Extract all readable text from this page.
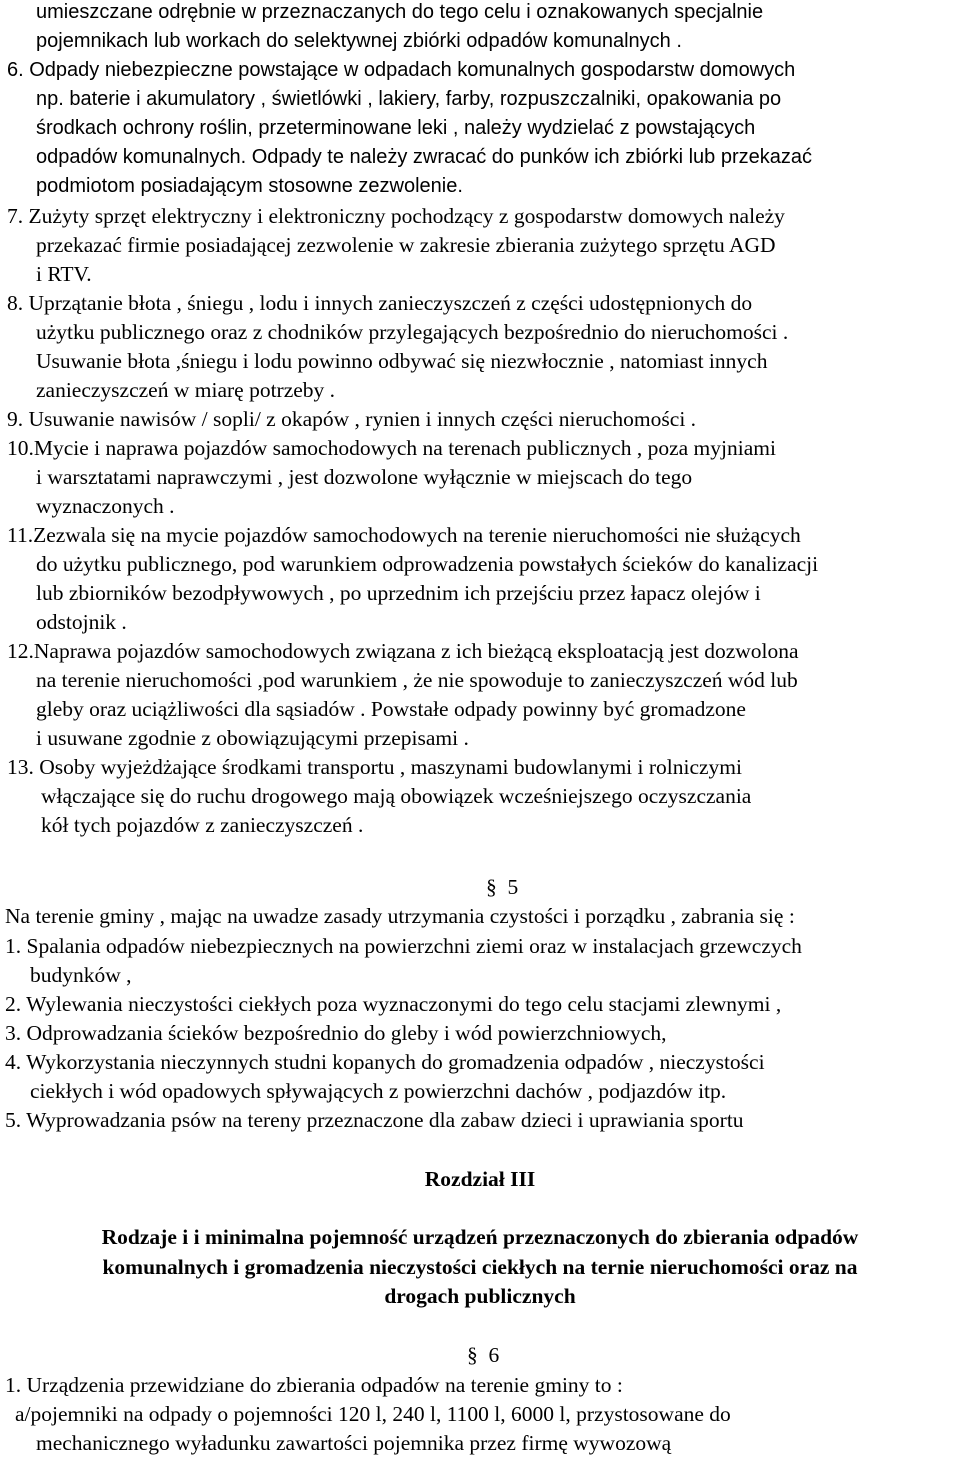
umieszczane odrębnie w przeznaczanych do tego celu i oznakowanych specjalnie

pojemnikach lub workach do selektywnej zbiórki odpadów komunalnych .

6. Odpady niebezpieczne powstające w odpadach komunalnych gospodarstw domowych

np. baterie i akumulatory , świetlówki , lakiery, farby, rozpuszczalniki, opakowania po

środkach ochrony roślin, przeterminowane leki , należy wydzielać z powstających

odpadów komunalnych. Odpady te należy zwracać do punków ich zbiórki lub przekazać

podmiotom posiadającym stosowne zezwolenie.

7. Zużyty sprzęt elektryczny i elektroniczny pochodzący z gospodarstw domowych należy

przekazać firmie posiadającej zezwolenie w zakresie zbierania zużytego sprzętu AGD

i RTV.

8. Uprzątanie błota , śniegu , lodu i innych zanieczyszczeń z części udostępnionych do

użytku publicznego oraz z chodników przylegających bezpośrednio do nieruchomości .

Usuwanie błota ,śniegu i lodu powinno odbywać się niezwłocznie , natomiast innych

zanieczyszczeń w miarę potrzeby .

9. Usuwanie nawisów / sopli/ z okapów , rynien i innych części nieruchomości .

10.Mycie i naprawa pojazdów samochodowych na terenach publicznych , poza myjniami

i warsztatami naprawczymi , jest dozwolone wyłącznie w miejscach do tego

wyznaczonych .

11.Zezwala się na mycie pojazdów samochodowych na terenie nieruchomości nie służących

do użytku publicznego, pod warunkiem odprowadzenia powstałych ścieków do kanalizacji

lub zbiorników bezodpływowych , po uprzednim ich przejściu przez łapacz olejów i

odstojnik .

12.Naprawa pojazdów samochodowych związana z ich bieżącą eksploatacją jest dozwolona

na terenie nieruchomości ,pod warunkiem , że nie spowoduje to zanieczyszczeń wód lub

gleby oraz uciążliwości dla sąsiadów . Powstałe odpady powinny być gromadzone

i usuwane zgodnie z obowiązującymi przepisami .

13. Osoby wyjeżdżające środkami transportu , maszynami budowlanymi i rolniczymi

włączające się do ruchu drogowego mają obowiązek wcześniejszego oczyszczania

kół tych pojazdów z zanieczyszczeń .

§ 5

Na terenie gminy , mając na uwadze zasady utrzymania czystości i porządku , zabrania się :

1. Spalania odpadów niebezpiecznych na powierzchni ziemi oraz w instalacjach grzewczych

budynków ,

2. Wylewania nieczystości ciekłych poza wyznaczonymi do tego celu stacjami zlewnymi ,

3. Odprowadzania ścieków bezpośrednio do gleby i wód powierzchniowych,

4. Wykorzystania nieczynnych studni kopanych do gromadzenia odpadów , nieczystości

ciekłych i wód opadowych spływających z powierzchni dachów , podjazdów itp.

5. Wyprowadzania psów na tereny przeznaczone dla zabaw dzieci i uprawiania sportu

Rozdział III

Rodzaje i i minimalna pojemność urządzeń przeznaczonych do zbierania odpadów

komunalnych i gromadzenia nieczystości ciekłych na ternie nieruchomości oraz na

drogach publicznych

§ 6

1. Urządzenia przewidziane do zbierania odpadów na terenie gminy to :

a/pojemniki na odpady o pojemności 120 l, 240 l, 1100 l, 6000 l, przystosowane do

mechanicznego wyładunku zawartości pojemnika przez firmę wywozową
